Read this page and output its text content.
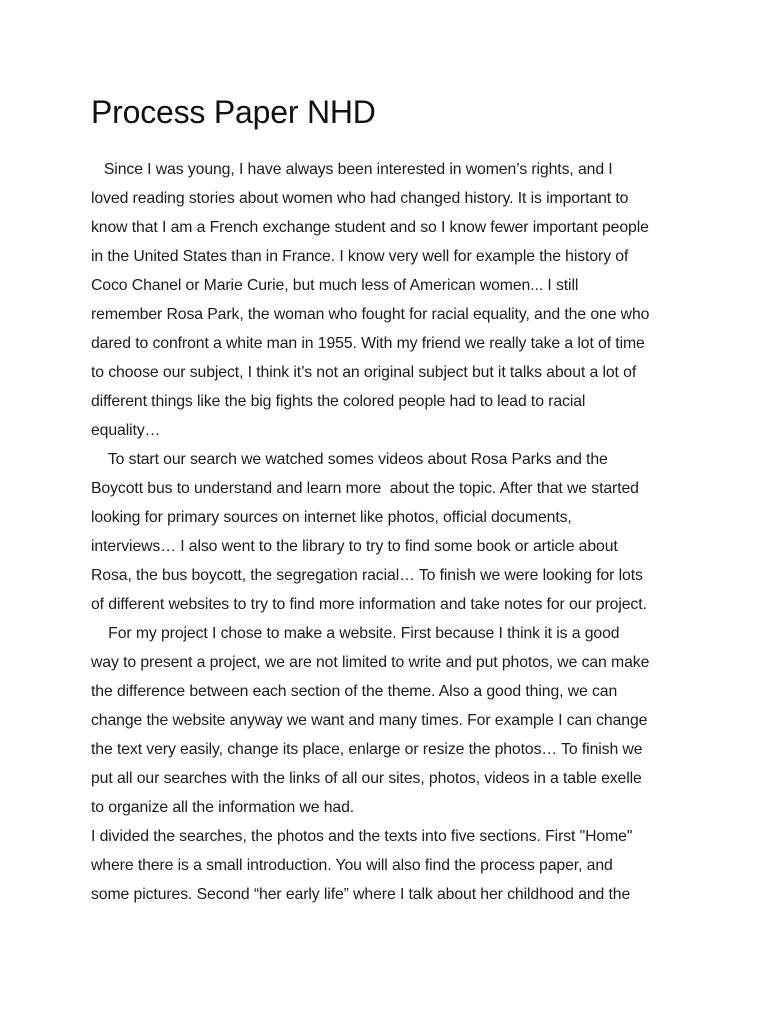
Process Paper NHD
Since I was young, I have always been interested in women’s rights, and I
loved reading stories about women who had changed history. It is important to
know that I am a French exchange student and so I know fewer important people
in the United States than in France. I know very well for example the history of
Coco Chanel or Marie Curie, but much less of American women... I still
remember Rosa Park, the woman who fought for racial equality, and the one who
dared to confront a white man in 1955. With my friend we really take a lot of time
to choose our subject, I think it’s not an original subject but it talks about a lot of
different things like the big fights the colored people had to lead to racial
equality…
To start our search we watched somes videos about Rosa Parks and the
Boycott bus to understand and learn more  about the topic. After that we started
looking for primary sources on internet like photos, official documents,
interviews… I also went to the library to try to find some book or article about
Rosa, the bus boycott, the segregation racial… To finish we were looking for lots
of different websites to try to find more information and take notes for our project.
For my project I chose to make a website. First because I think it is a good
way to present a project, we are not limited to write and put photos, we can make
the difference between each section of the theme. Also a good thing, we can
change the website anyway we want and many times. For example I can change
the text very easily, change its place, enlarge or resize the photos… To finish we
put all our searches with the links of all our sites, photos, videos in a table exelle
to organize all the information we had.
I divided the searches, the photos and the texts into five sections. First "Home"
where there is a small introduction. You will also find the process paper, and
some pictures. Second “her early life” where I talk about her childhood and the
